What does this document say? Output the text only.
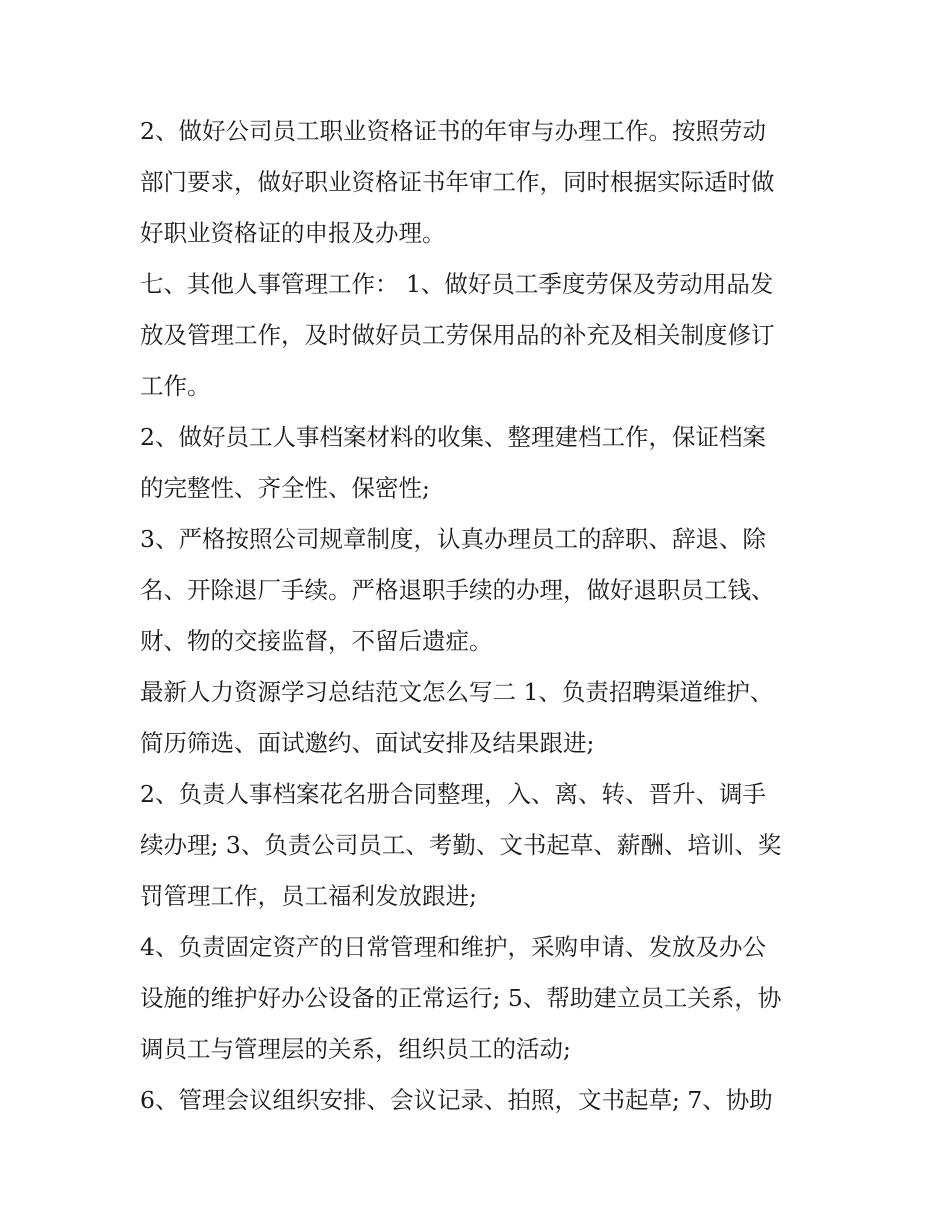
2、做好公司员工职业资格证书的年审与办理工作。按照劳动
部门要求，做好职业资格证书年审工作，同时根据实际适时做
好职业资格证的申报及办理。
七、其他人事管理工作： 1、做好员工季度劳保及劳动用品发
放及管理工作，及时做好员工劳保用品的补充及相关制度修订
工作。
2、做好员工人事档案材料的收集、整理建档工作，保证档案
的完整性、齐全性、保密性;
3、严格按照公司规章制度，认真办理员工的辞职、辞退、除
名、开除退厂手续。严格退职手续的办理，做好退职员工钱、
财、物的交接监督，不留后遗症。
最新人力资源学习总结范文怎么写二 1、负责招聘渠道维护、
简历筛选、面试邀约、面试安排及结果跟进;
2、负责人事档案花名册合同整理，入、离、转、晋升、调手
续办理; 3、负责公司员工、考勤、文书起草、薪酬、培训、奖
罚管理工作，员工福利发放跟进;
4、负责固定资产的日常管理和维护，采购申请、发放及办公
设施的维护好办公设备的正常运行; 5、帮助建立员工关系，协
调员工与管理层的关系，组织员工的活动;
6、管理会议组织安排、会议记录、拍照，文书起草; 7、协助
